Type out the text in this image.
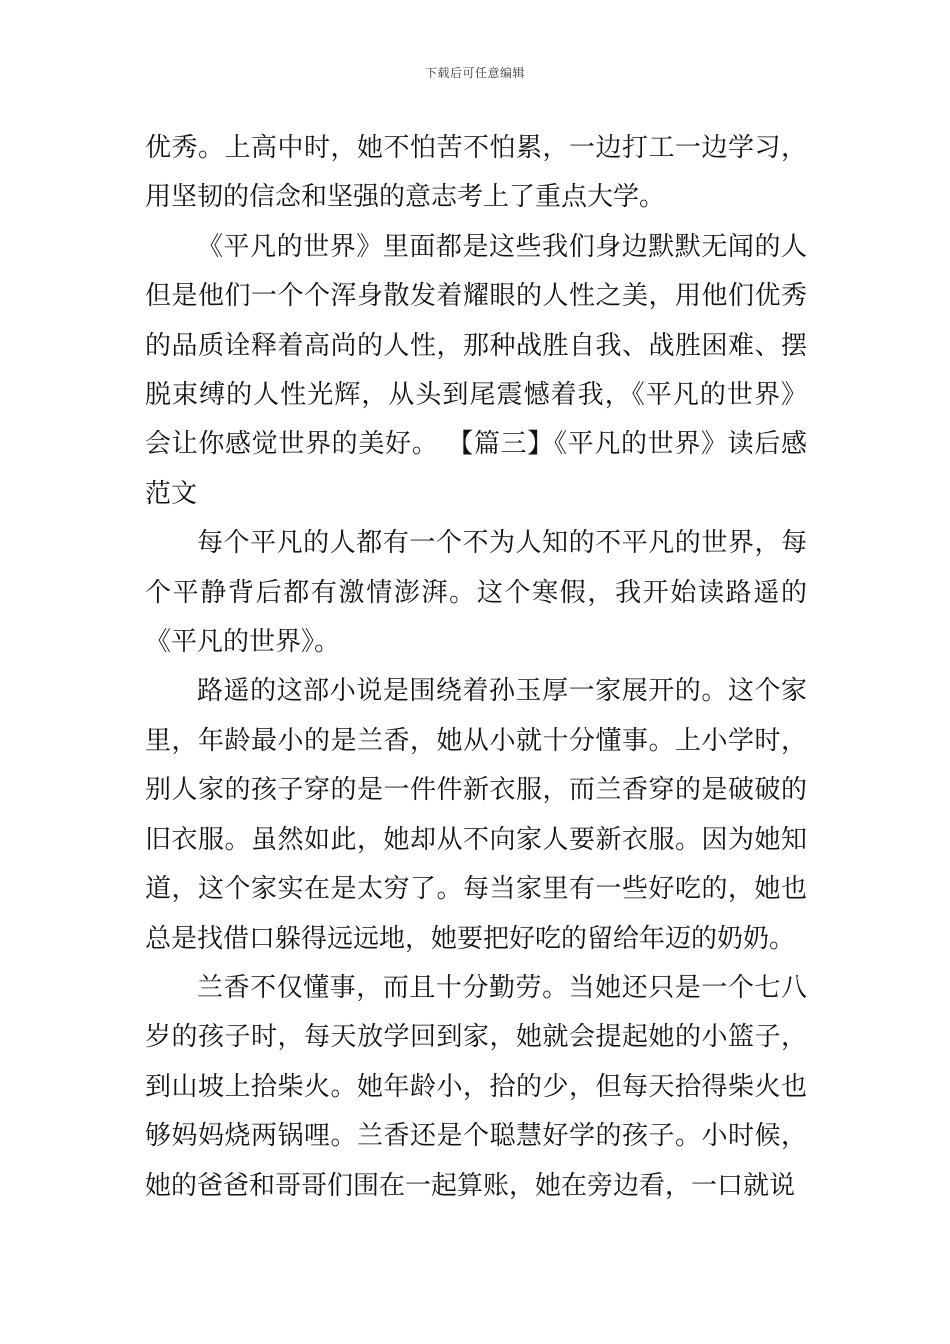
下载后可任意编辑

优秀。上高中时，她不怕苦不怕累，一边打工一边学习，用坚韧的信念和坚强的意志考上了重点大学。

《平凡的世界》里面都是这些我们身边默默无闻的人但是他们一个个浑身散发着耀眼的人性之美，用他们优秀的品质诠释着高尚的人性，那种战胜自我、战胜困难、摆脱束缚的人性光辉，从头到尾震憾着我，《平凡的世界》会让你感觉世界的美好。 【篇三】《平凡的世界》读后感范文

每个平凡的人都有一个不为人知的不平凡的世界，每个平静背后都有激情澎湃。这个寒假，我开始读路遥的《平凡的世界》。

路遥的这部小说是围绕着孙玉厚一家展开的。这个家里，年龄最小的是兰香，她从小就十分懂事。上小学时，别人家的孩子穿的是一件件新衣服，而兰香穿的是破破的旧衣服。虽然如此，她却从不向家人要新衣服。因为她知道，这个家实在是太穷了。每当家里有一些好吃的，她也总是找借口躲得远远地，她要把好吃的留给年迈的奶奶。

兰香不仅懂事，而且十分勤劳。当她还只是一个七八岁的孩子时，每天放学回到家，她就会提起她的小篮子，到山坡上拾柴火。她年龄小，拾的少，但每天拾得柴火也够妈妈烧两锅哩。兰香还是个聪慧好学的孩子。小时候，她的爸爸和哥哥们围在一起算账，她在旁边看，一口就说
